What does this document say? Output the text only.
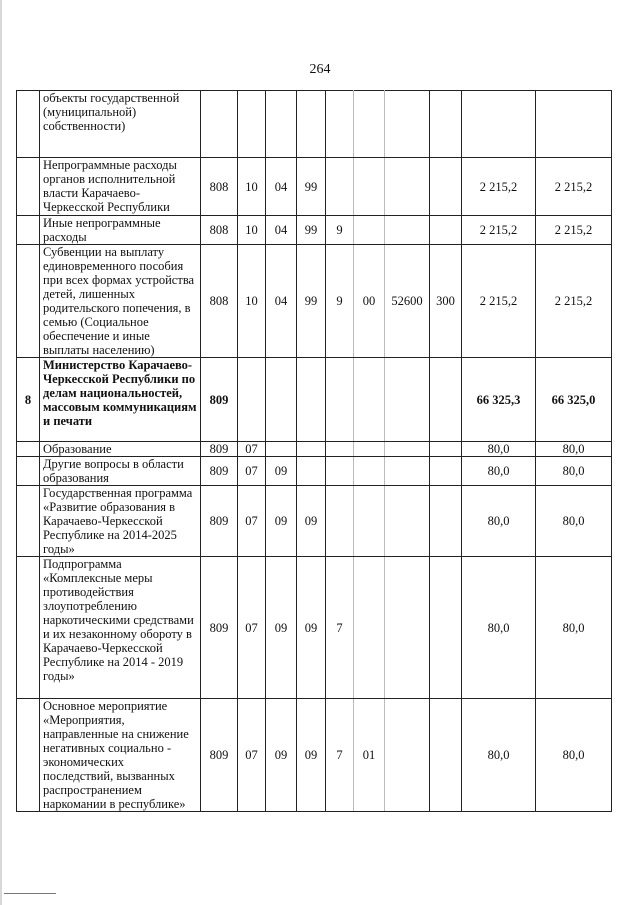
264
	объекты государственной (муниципальной) собственности)										
	Непрограммные расходы органов исполнительной власти Карачаево-Черкесской Республики	808	10	04	99					2 215,2	2 215,2
	Иные непрограммные расходы	808	10	04	99	9				2 215,2	2 215,2
	Субвенции на выплату единовременного пособия при всех формах устройства детей, лишенных родительского попечения, в семью (Социальное обеспечение и иные выплаты населению)	808	10	04	99	9	00	52600	300	2 215,2	2 215,2
8	Министерство Карачаево-Черкесской Республики по делам национальностей, массовым коммуникациям и печати	809								66 325,3	66 325,0
	Образование	809	07							80,0	80,0
	Другие вопросы в области образования	809	07	09						80,0	80,0
	Государственная программа «Развитие образования в Карачаево-Черкесской Республике на 2014-2025 годы»	809	07	09	09					80,0	80,0
	Подпрограмма «Комплексные меры противодействия злоупотреблению наркотическими средствами и их незаконному обороту в Карачаево-Черкесской Республике на 2014 - 2019 годы»	809	07	09	09	7				80,0	80,0
	Основное мероприятие «Мероприятия, направленные на снижение негативных социально - экономических последствий, вызванных распространением наркомании в республике»	809	07	09	09	7	01			80,0	80,0
